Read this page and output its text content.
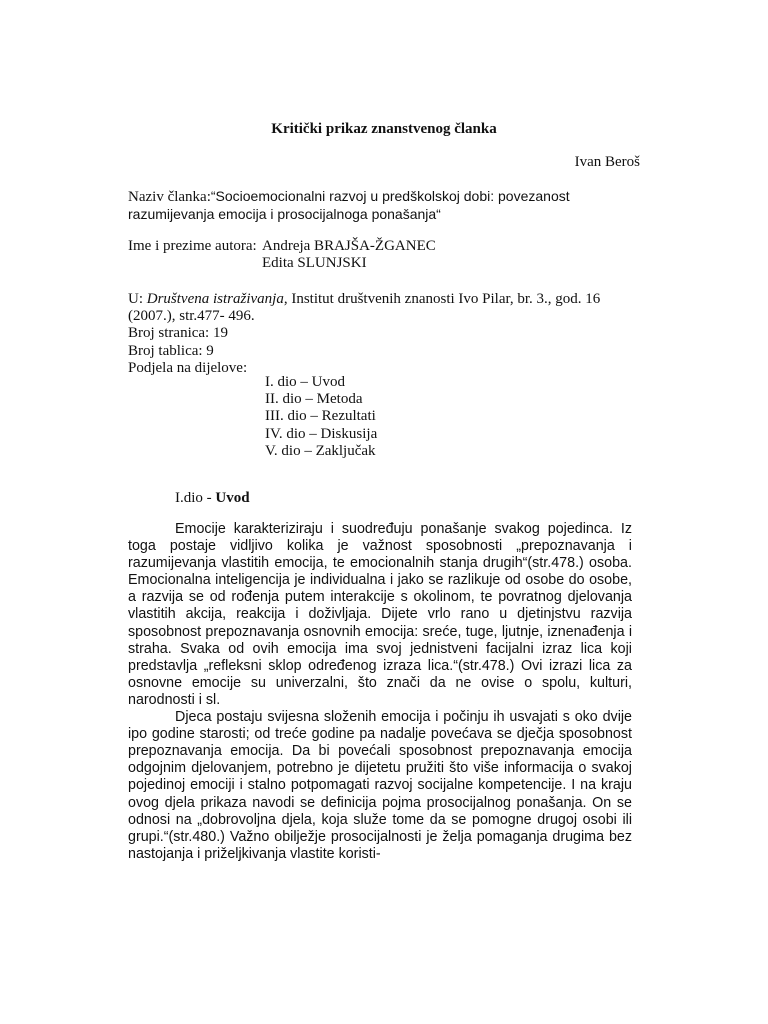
Kritički prikaz znanstvenog članka
Ivan Beroš
Naziv članka:“Socioemocionalni razvoj u predškolskoj dobi: povezanost razumijevanja emocija i prosocijalnoga ponašanja“
Ime i prezime autora: Andreja BRAJŠA-ŽGANEC
Edita SLUNJSKI

U: Društvena istraživanja, Institut društvenih znanosti Ivo Pilar, br. 3., god. 16 (2007.), str.477- 496.

Broj stranica: 19

Broj tablica: 9

Podjela na dijelove:

I. dio – Uvod

II. dio – Metoda

III. dio – Rezultati

IV. dio – Diskusija

V. dio – Zaključak

I.dio - Uvod

Emocije karakteriziraju i suodređuju ponašanje svakog pojedinca. Iz toga postaje vidljivo kolika je važnost sposobnosti „prepoznavanja i razumijevanja vlastitih emocija, te emocionalnih stanja drugih“(str.478.) osoba. Emocionalna inteligencija je individualna i jako se razlikuje od osobe do osobe, a razvija se od rođenja putem interakcije s okolinom, te povratnog djelovanja vlastitih akcija, reakcija i doživljaja. Dijete vrlo rano u djetinjstvu razvija sposobnost prepoznavanja osnovnih emocija: sreće, tuge, ljutnje, iznenađenja i straha. Svaka od ovih emocija ima svoj jednistveni facijalni izraz lica koji predstavlja „refleksni sklop određenog izraza lica.“(str.478.) Ovi izrazi lica za osnovne emocije su univerzalni, što znači da ne ovise o spolu, kulturi, narodnosti i sl.

Djeca postaju svijesna složenih emocija i počinju ih usvajati s oko dvije ipo godine starosti; od treće godine pa nadalje povećava se dječja sposobnost prepoznavanja emocija. Da bi povećali sposobnost prepoznavanja emocija odgojnim djelovanjem, potrebno je dijetetu pružiti što više informacija o svakoj pojedinoj emociji i stalno potpomagati razvoj socijalne kompetencije. I na kraju ovog djela prikaza navodi se definicija pojma prosocijalnog ponašanja. On se odnosi na „dobrovoljna djela, koja služe tome da se pomogne drugoj osobi ili grupi.“(str.480.) Važno obilježje prosocijalnosti je želja pomaganja drugima bez nastojanja i priželjkivanja vlastite koristi-
